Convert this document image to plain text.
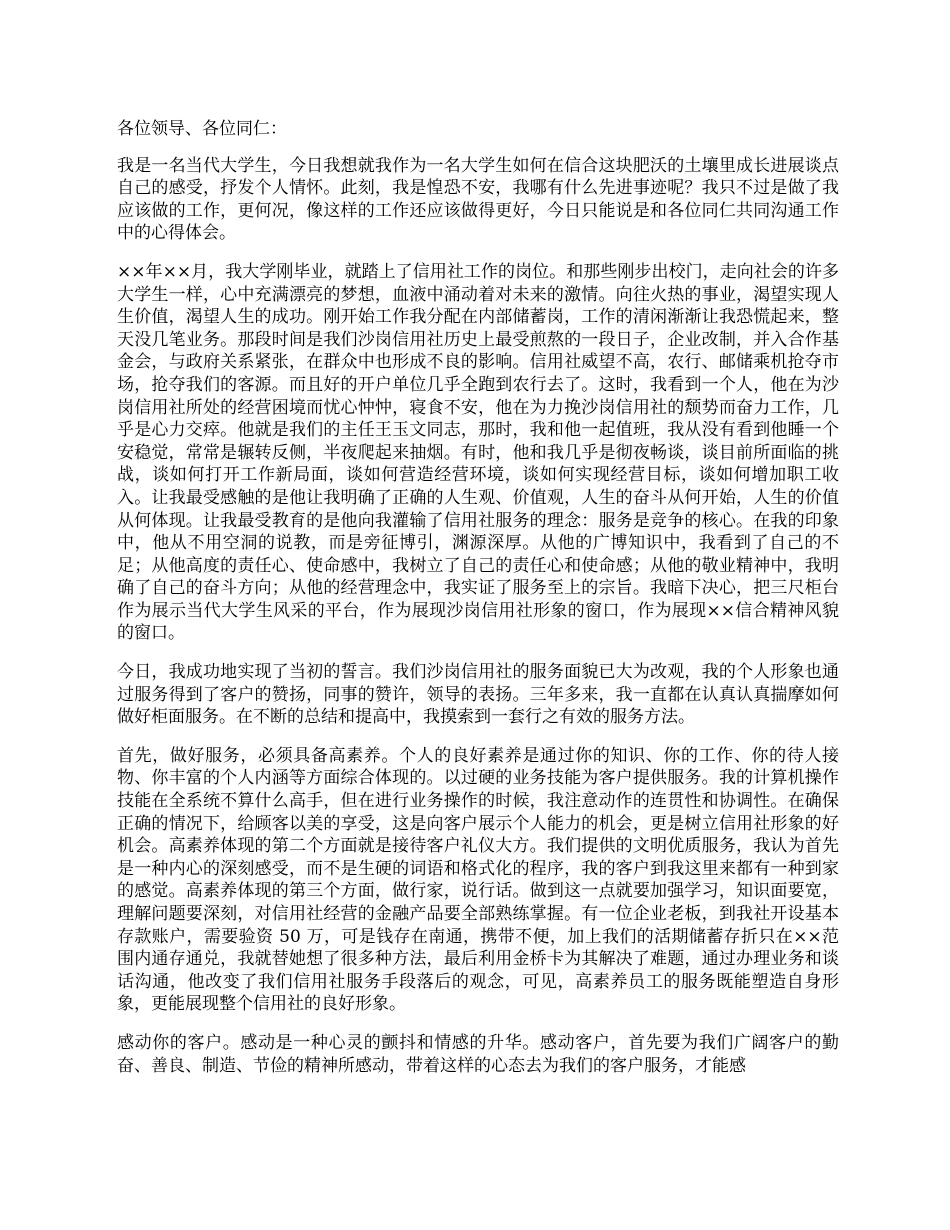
各位领导、各位同仁：

我是一名当代大学生，今日我想就我作为一名大学生如何在信合这块肥沃的土壤里成长进展谈点自己的感受，抒发个人情怀。此刻，我是惶恐不安，我哪有什么先进事迹呢？我只不过是做了我应该做的工作，更何况，像这样的工作还应该做得更好，今日只能说是和各位同仁共同沟通工作中的心得体会。

××年××月，我大学刚毕业，就踏上了信用社工作的岗位。和那些刚步出校门，走向社会的许多大学生一样，心中充满漂亮的梦想，血液中涌动着对未来的激情。向往火热的事业，渴望实现人生价值，渴望人生的成功。刚开始工作我分配在内部储蓄岗，工作的清闲渐渐让我恐慌起来，整天没几笔业务。那段时间是我们沙岗信用社历史上最受煎熬的一段日子，企业改制，并入合作基金会，与政府关系紧张，在群众中也形成不良的影响。信用社威望不高，农行、邮储乘机抢夺市场，抢夺我们的客源。而且好的开户单位几乎全跑到农行去了。这时，我看到一个人，他在为沙岗信用社所处的经营困境而忧心忡忡，寝食不安，他在为力挽沙岗信用社的颓势而奋力工作，几乎是心力交瘁。他就是我们的主任王玉文同志，那时，我和他一起值班，我从没有看到他睡一个安稳觉，常常是辗转反侧，半夜爬起来抽烟。有时，他和我几乎是彻夜畅谈，谈目前所面临的挑战，谈如何打开工作新局面，谈如何营造经营环境，谈如何实现经营目标，谈如何增加职工收入。让我最受感触的是他让我明确了正确的人生观、价值观，人生的奋斗从何开始，人生的价值从何体现。让我最受教育的是他向我灌输了信用社服务的理念：服务是竞争的核心。在我的印象中，他从不用空洞的说教，而是旁征博引，渊源深厚。从他的广博知识中，我看到了自己的不足；从他高度的责任心、使命感中，我树立了自己的责任心和使命感；从他的敬业精神中，我明确了自己的奋斗方向；从他的经营理念中，我实证了服务至上的宗旨。我暗下决心，把三尺柜台作为展示当代大学生风采的平台，作为展现沙岗信用社形象的窗口，作为展现××信合精神风貌的窗口。

今日，我成功地实现了当初的誓言。我们沙岗信用社的服务面貌已大为改观，我的个人形象也通过服务得到了客户的赞扬，同事的赞许，领导的表扬。三年多来，我一直都在认真认真揣摩如何做好柜面服务。在不断的总结和提高中，我摸索到一套行之有效的服务方法。

首先，做好服务，必须具备高素养。个人的良好素养是通过你的知识、你的工作、你的待人接物、你丰富的个人内涵等方面综合体现的。以过硬的业务技能为客户提供服务。我的计算机操作技能在全系统不算什么高手，但在进行业务操作的时候，我注意动作的连贯性和协调性。在确保正确的情况下，给顾客以美的享受，这是向客户展示个人能力的机会，更是树立信用社形象的好机会。高素养体现的第二个方面就是接待客户礼仪大方。我们提供的文明优质服务，我认为首先是一种内心的深刻感受，而不是生硬的词语和格式化的程序，我的客户到我这里来都有一种到家的感觉。高素养体现的第三个方面，做行家，说行话。做到这一点就要加强学习，知识面要宽，理解问题要深刻，对信用社经营的金融产品要全部熟练掌握。有一位企业老板，到我社开设基本存款账户，需要验资 50 万，可是钱存在南通，携带不便，加上我们的活期储蓄存折只在××范围内通存通兑，我就替她想了很多种方法，最后利用金桥卡为其解决了难题，通过办理业务和谈话沟通，他改变了我们信用社服务手段落后的观念，可见，高素养员工的服务既能塑造自身形象，更能展现整个信用社的良好形象。

感动你的客户。感动是一种心灵的颤抖和情感的升华。感动客户，首先要为我们广阔客户的勤奋、善良、制造、节俭的精神所感动，带着这样的心态去为我们的客户服务，才能感
